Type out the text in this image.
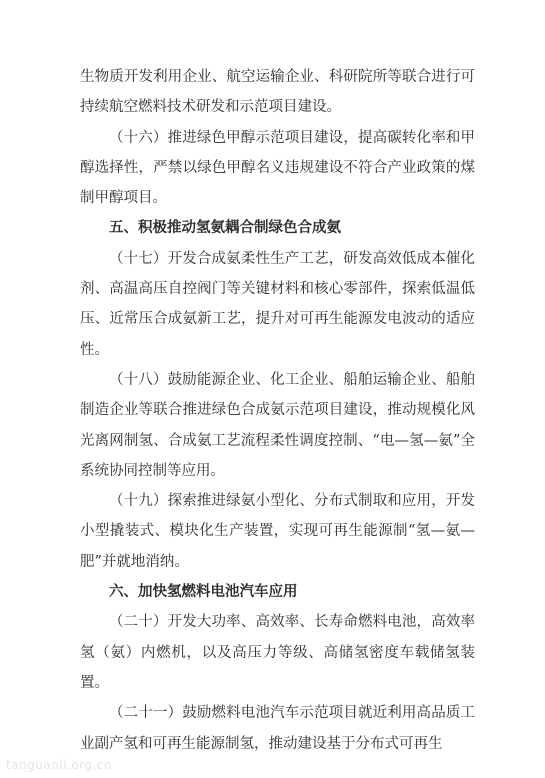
生物质开发利用企业、航空运输企业、科研院所等联合进行可持续航空燃料技术研发和示范项目建设。

（十六）推进绿色甲醇示范项目建设，提高碳转化率和甲醇选择性，严禁以绿色甲醇名义违规建设不符合产业政策的煤制甲醇项目。

五、积极推动氢氨耦合制绿色合成氨

（十七）开发合成氨柔性生产工艺，研发高效低成本催化剂、高温高压自控阀门等关键材料和核心零部件，探索低温低压、近常压合成氨新工艺，提升对可再生能源发电波动的适应性。

（十八）鼓励能源企业、化工企业、船舶运输企业、船舶制造企业等联合推进绿色合成氨示范项目建设，推动规模化风光离网制氢、合成氨工艺流程柔性调度控制、“电—氢—氨”全系统协同控制等应用。

（十九）探索推进绿氨小型化、分布式制取和应用，开发小型撬装式、模块化生产装置，实现可再生能源制“氢—氨—肥”并就地消纳。

六、加快氢燃料电池汽车应用

（二十）开发大功率、高效率、长寿命燃料电池，高效率氢（氨）内燃机，以及高压力等级、高储氢密度车载储氢装置。

（二十一）鼓励燃料电池汽车示范项目就近利用高品质工业副产氢和可再生能源制氢，推动建设基于分布式可再生

tanguanli.org.cn
